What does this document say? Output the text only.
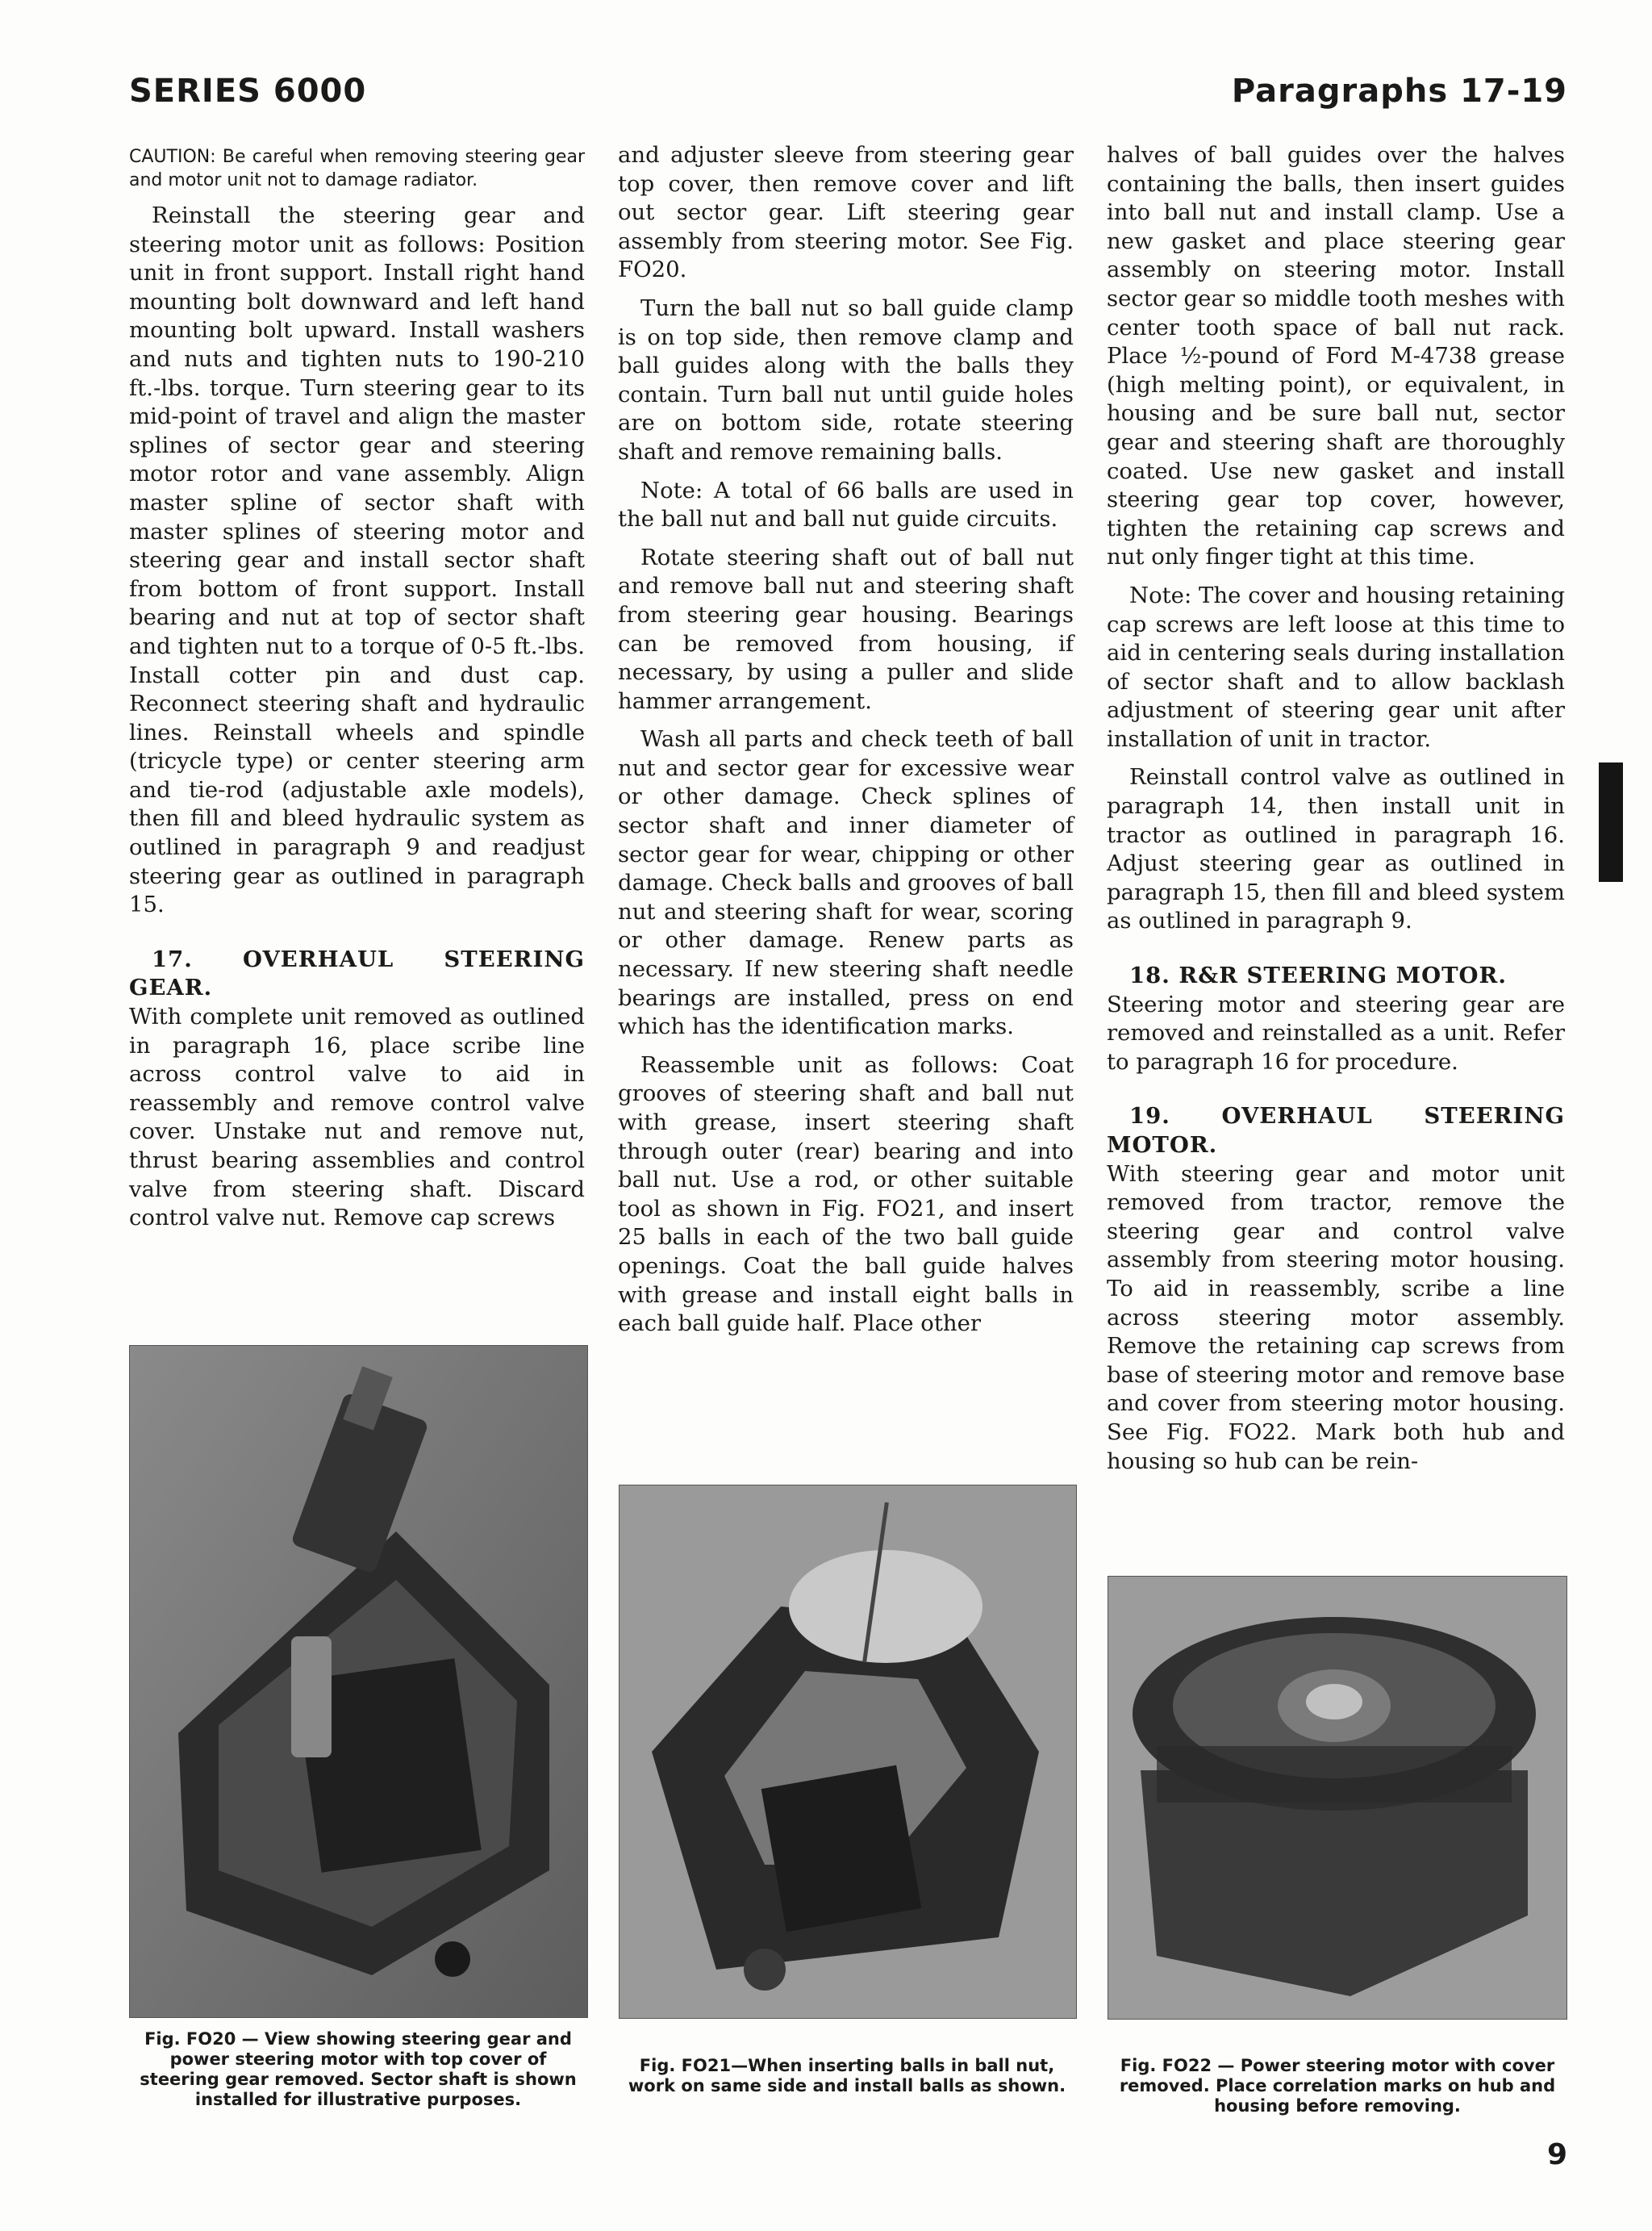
SERIES 6000	Paragraphs 17-19

CAUTION: Be careful when removing steering gear and motor unit not to damage radiator.

Reinstall the steering gear and steering motor unit as follows: Position unit in front support. Install right hand mounting bolt downward and left hand mounting bolt upward. Install washers and nuts and tighten nuts to 190-210 ft.-lbs. torque. Turn steering gear to its mid-point of travel and align the master splines of sector gear and steering motor rotor and vane assembly. Align master spline of sector shaft with master splines of steering motor and steering gear and install sector shaft from bottom of front support. Install bearing and nut at top of sector shaft and tighten nut to a torque of 0-5 ft.-lbs. Install cotter pin and dust cap. Reconnect steering shaft and hydraulic lines. Reinstall wheels and spindle (tricycle type) or center steering arm and tie-rod (adjustable axle models), then fill and bleed hydraulic system as outlined in paragraph 9 and readjust steering gear as outlined in paragraph 15.

17. OVERHAUL STEERING GEAR.

With complete unit removed as outlined in paragraph 16, place scribe line across control valve to aid in reassembly and remove control valve cover. Unstake nut and remove nut, thrust bearing assemblies and control valve from steering shaft. Discard control valve nut. Remove cap screws

and adjuster sleeve from steering gear top cover, then remove cover and lift out sector gear. Lift steering gear assembly from steering motor. See Fig. FO20.

Turn the ball nut so ball guide clamp is on top side, then remove clamp and ball guides along with the balls they contain. Turn ball nut until guide holes are on bottom side, rotate steering shaft and remove remaining balls.

Note: A total of 66 balls are used in the ball nut and ball nut guide circuits.

Rotate steering shaft out of ball nut and remove ball nut and steering shaft from steering gear housing. Bearings can be removed from housing, if necessary, by using a puller and slide hammer arrangement.

Wash all parts and check teeth of ball nut and sector gear for excessive wear or other damage. Check splines of sector shaft and inner diameter of sector gear for wear, chipping or other damage. Check balls and grooves of ball nut and steering shaft for wear, scoring or other damage. Renew parts as necessary. If new steering shaft needle bearings are installed, press on end which has the identification marks.

Reassemble unit as follows: Coat grooves of steering shaft and ball nut with grease, insert steering shaft through outer (rear) bearing and into ball nut. Use a rod, or other suitable tool as shown in Fig. FO21, and insert 25 balls in each of the two ball guide openings. Coat the ball guide halves with grease and install eight balls in each ball guide half. Place other

halves of ball guides over the halves containing the balls, then insert guides into ball nut and install clamp. Use a new gasket and place steering gear assembly on steering motor. Install sector gear so middle tooth meshes with center tooth space of ball nut rack. Place ½-pound of Ford M-4738 grease (high melting point), or equivalent, in housing and be sure ball nut, sector gear and steering shaft are thoroughly coated. Use new gasket and install steering gear top cover, however, tighten the retaining cap screws and nut only finger tight at this time.

Note: The cover and housing retaining cap screws are left loose at this time to aid in centering seals during installation of sector shaft and to allow backlash adjustment of steering gear unit after installation of unit in tractor.

Reinstall control valve as outlined in paragraph 14, then install unit in tractor as outlined in paragraph 16. Adjust steering gear as outlined in paragraph 15, then fill and bleed system as outlined in paragraph 9.

18. R&R STEERING MOTOR.

Steering motor and steering gear are removed and reinstalled as a unit. Refer to paragraph 16 for procedure.

19. OVERHAUL STEERING MOTOR.

With steering gear and motor unit removed from tractor, remove the steering gear and control valve assembly from steering motor housing. To aid in reassembly, scribe a line across steering motor assembly. Remove the retaining cap screws from base of steering motor and remove base and cover from steering motor housing. See Fig. FO22. Mark both hub and housing so hub can be rein-

Fig. FO20 — View showing steering gear and power steering motor with top cover of steering gear removed. Sector shaft is shown installed for illustrative purposes.
Fig. FO21—When inserting balls in ball nut, work on same side and install balls as shown.
Fig. FO22 — Power steering motor with cover removed. Place correlation marks on hub and housing before removing.
9
